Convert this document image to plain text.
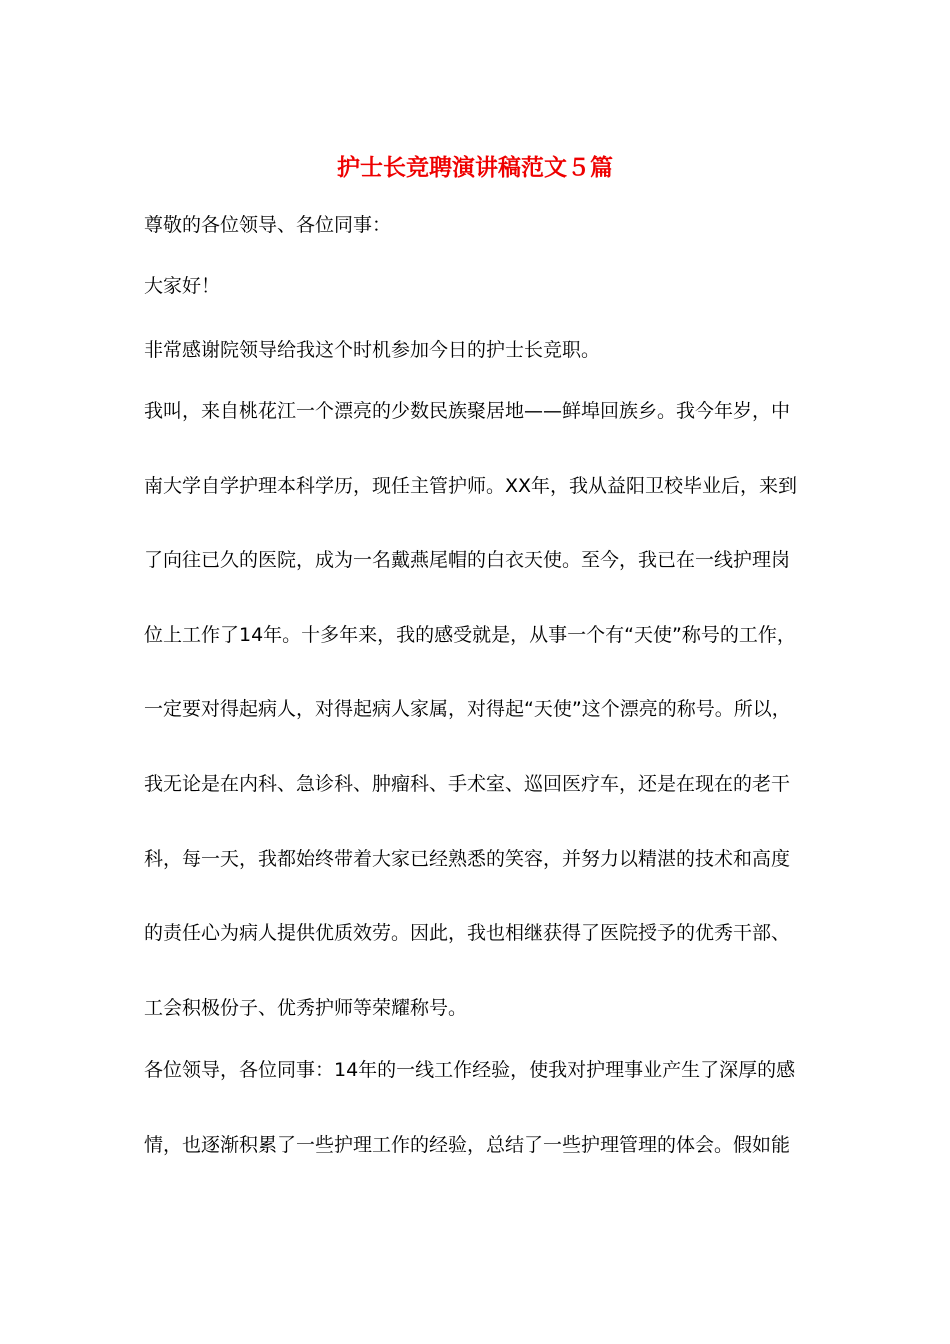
护士长竞聘演讲稿范文５篇

尊敬的各位领导、各位同事：

大家好！

非常感谢院领导给我这个时机参加今日的护士长竞职。

我叫，来自桃花江一个漂亮的少数民族聚居地——鲜埠回族乡。我今年岁，中

南大学自学护理本科学历，现任主管护师。XX年，我从益阳卫校毕业后，来到

了向往已久的医院，成为一名戴燕尾帽的白衣天使。至今，我已在一线护理岗

位上工作了14年。十多年来，我的感受就是，从事一个有“天使”称号的工作，

一定要对得起病人，对得起病人家属，对得起“天使”这个漂亮的称号。所以，

我无论是在内科、急诊科、肿瘤科、手术室、巡回医疗车，还是在现在的老干

科，每一天，我都始终带着大家已经熟悉的笑容，并努力以精湛的技术和高度

的责任心为病人提供优质效劳。因此，我也相继获得了医院授予的优秀干部、

工会积极份子、优秀护师等荣耀称号。

各位领导，各位同事：14年的一线工作经验，使我对护理事业产生了深厚的感

情，也逐渐积累了一些护理工作的经验，总结了一些护理管理的体会。假如能
